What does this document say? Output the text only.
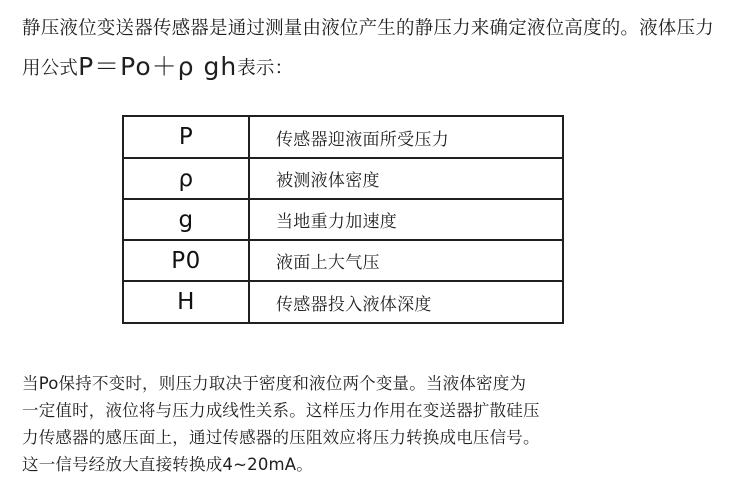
静压液位变送器传感器是通过测量由液位产生的静压力来确定液位高度的。液体压力用公式P＝Po＋ρ gh表示：
P	传感器迎液面所受压力
ρ	被测液体密度
g	当地重力加速度
P0	液面上大气压
H	传感器投入液体深度

当Po保持不变时，则压力取决于密度和液位两个变量。当液体密度为

一定值时，液位将与压力成线性关系。这样压力作用在变送器扩散硅压

力传感器的感压面上，通过传感器的压阻效应将压力转换成电压信号。

这一信号经放大直接转换成4~20mA。
